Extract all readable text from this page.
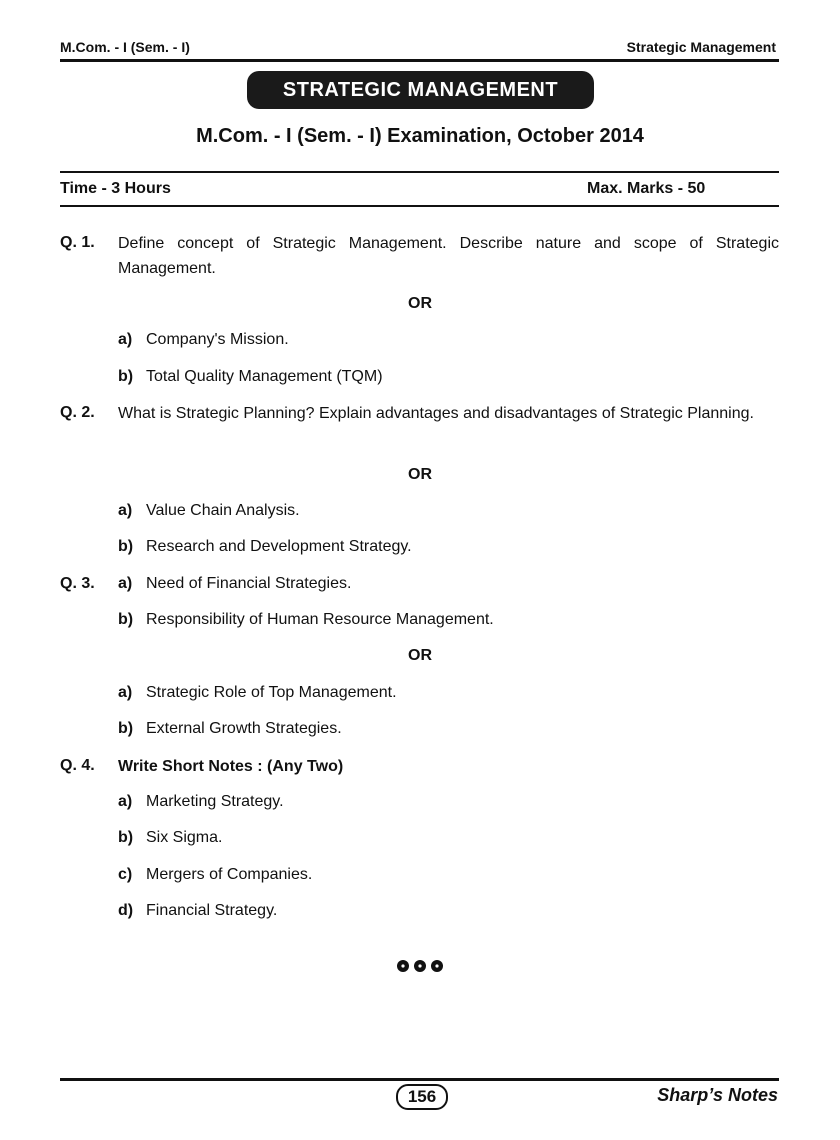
M.Com. - I (Sem. - I)	Strategic Management
STRATEGIC MANAGEMENT
M.Com. - I (Sem. - I) Examination, October 2014
Time - 3 Hours	Max. Marks - 50
Q. 1.	Define concept of Strategic Management. Describe nature and scope of Strategic Management.
OR
a) Company's Mission.
b) Total Quality Management (TQM)
Q. 2.	What is Strategic Planning? Explain advantages and disadvantages of Strategic Planning.
OR
a) Value Chain Analysis.
b) Research and Development Strategy.
Q. 3.	a) Need of Financial Strategies.
b) Responsibility of Human Resource Management.
OR
a) Strategic Role of Top Management.
b) External Growth Strategies.
Q. 4.	Write Short Notes : (Any Two)
a) Marketing Strategy.
b) Six Sigma.
c) Mergers of Companies.
d) Financial Strategy.
156	Sharp’s Notes
